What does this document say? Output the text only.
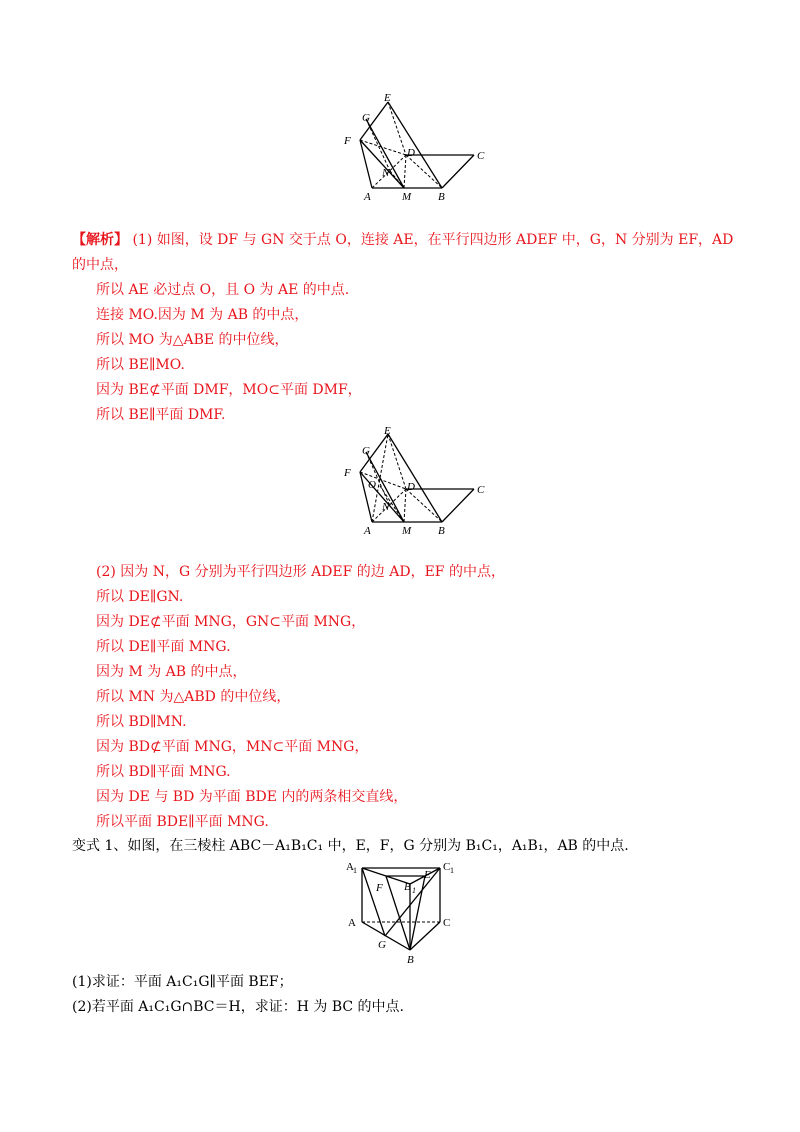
E
G
F
D	C
N
A	M B
【解析】 (1) 如图，设 DF 与 GN 交于点 O，连接 AE，在平行四边形 ADEF 中，G，N 分别为 EF，AD
的中点，
所以 AE 必过点 O，且 O 为 AE 的中点.
连接 MO.因为 M 为 AB 的中点，
所以 MO 为△ABE 的中位线，
所以 BE∥MO.
因为 BE⊄平面 DMF，MO⊂平面 DMF，
所以 BE∥平面 DMF.
E
G
F
O	D	C
N
A	M B
(2) 因为 N，G 分别为平行四边形 ADEF 的边 AD，EF 的中点，
所以 DE∥GN.
因为 DE⊄平面 MNG，GN⊂平面 MNG，
所以 DE∥平面 MNG.
因为 M 为 AB 的中点，
所以 MN 为△ABD 的中位线，
所以 BD∥MN.
因为 BD⊄平面 MNG，MN⊂平面 MNG，
所以 BD∥平面 MNG.
因为 DE 与 BD 为平面 BDE 内的两条相交直线，
所以平面 BDE∥平面 MNG.
变式 1、如图，在三棱柱 ABC－A₁B₁C₁ 中，E，F，G 分别为 B₁C₁，A₁B₁，AB 的中点.
A 1	C 1
E
F B 1
A	C
G
B
(1)求证：平面 A₁C₁G∥平面 BEF；
(2)若平面 A₁C₁G∩BC＝H，求证：H 为 BC 的中点.
